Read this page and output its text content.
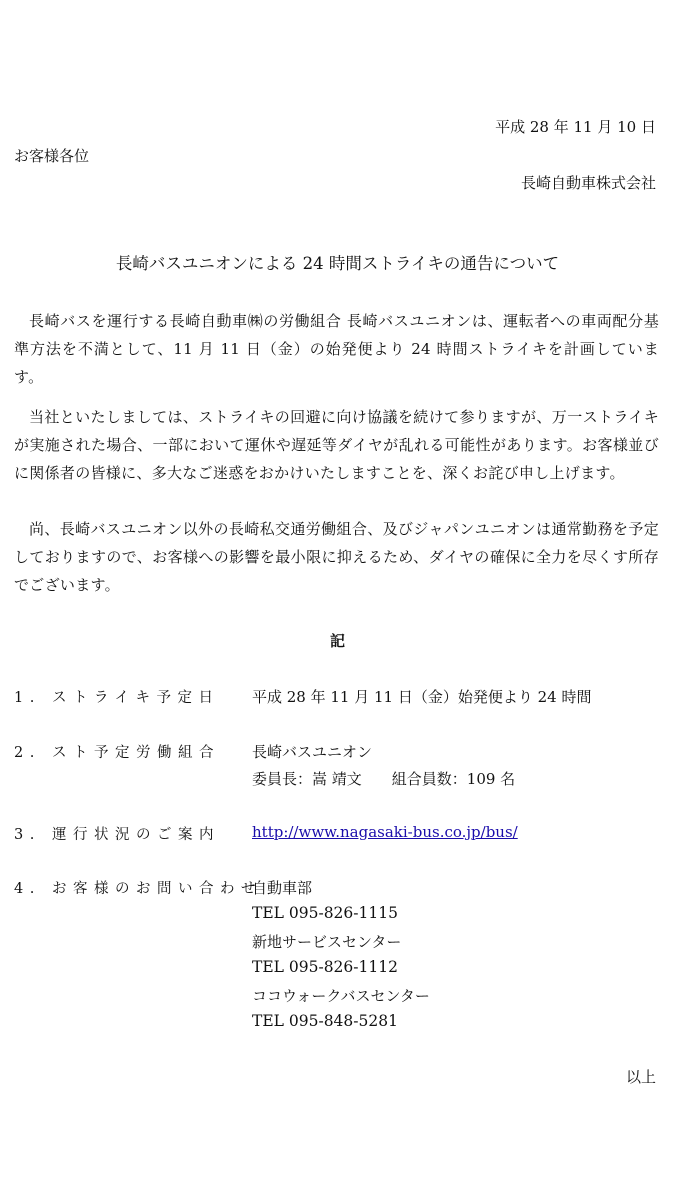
平成 28 年 11 月 10 日
お客様各位
長崎自動車株式会社
長崎バスユニオンによる 24 時間ストライキの通告について

長崎バスを運行する長崎自動車㈱の労働組合 長崎バスユニオンは、運転者への車両配分基準方法を不満として、11 月 11 日（金）の始発便より 24 時間ストライキを計画しています。

当社といたしましては、ストライキの回避に向け協議を続けて参りますが、万一ストライキが実施された場合、一部において運休や遅延等ダイヤが乱れる可能性があります。お客様並びに関係者の皆様に、多大なご迷惑をおかけいたしますことを、深くお詫び申し上げます。

尚、長崎バスユニオン以外の長崎私交通労働組合、及びジャパンユニオンは通常勤務を予定しておりますので、お客様への影響を最小限に抑えるため、ダイヤの確保に全力を尽くす所存でございます。

記
1. ストライキ予定日 平成 28 年 11 月 11 日（金）始発便より 24 時間
2. スト予定労働組合 長崎バスユニオン
委員長：嵩 靖文　　組合員数：109 名
3. 運行状況のご案内 http://www.nagasaki-bus.co.jp/bus/
4. お客様のお問い合わせ
自動車部
TEL 095-826-1115
新地サービスセンター
TEL 095-826-1112
ココウォークバスセンター
TEL 095-848-5281
以上
